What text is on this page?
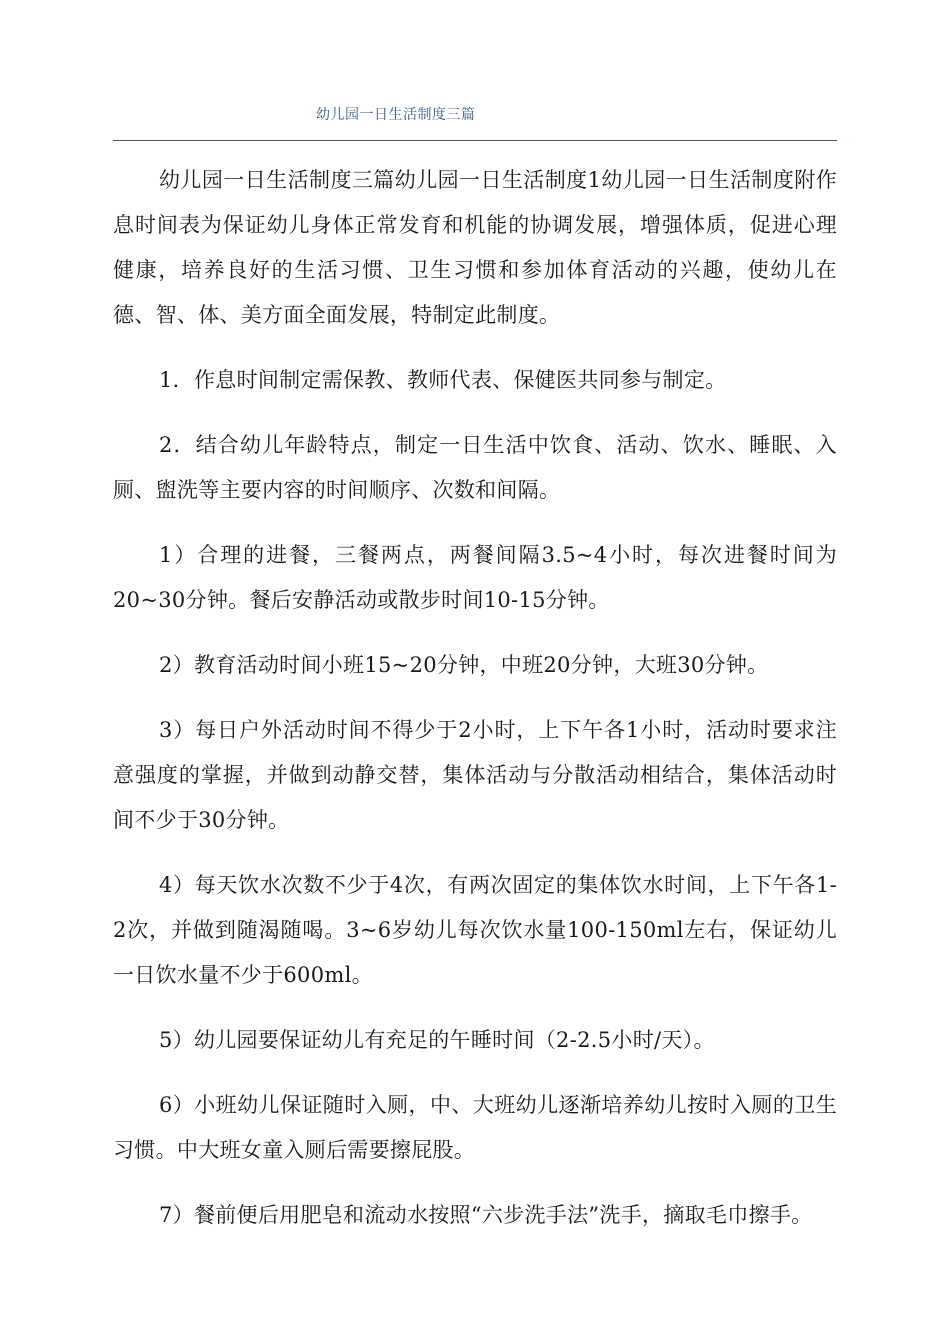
幼儿园一日生活制度三篇

幼儿园一日生活制度三篇幼儿园一日生活制度1幼儿园一日生活制度附作息时间表为保证幼儿身体正常发育和机能的协调发展，增强体质，促进心理健康，培养良好的生活习惯、卫生习惯和参加体育活动的兴趣，使幼儿在德、智、体、美方面全面发展，特制定此制度。

1．作息时间制定需保教、教师代表、保健医共同参与制定。

2．结合幼儿年龄特点，制定一日生活中饮食、活动、饮水、睡眠、入厕、盥洗等主要内容的时间顺序、次数和间隔。

1）合理的进餐，三餐两点，两餐间隔3.5~4小时，每次进餐时间为20~30分钟。餐后安静活动或散步时间10-15分钟。

2）教育活动时间小班15~20分钟，中班20分钟，大班30分钟。

3）每日户外活动时间不得少于2小时，上下午各1小时，活动时要求注意强度的掌握，并做到动静交替，集体活动与分散活动相结合，集体活动时间不少于30分钟。

4）每天饮水次数不少于4次，有两次固定的集体饮水时间，上下午各1-2次，并做到随渴随喝。3~6岁幼儿每次饮水量100-150ml左右，保证幼儿一日饮水量不少于600ml。

5）幼儿园要保证幼儿有充足的午睡时间（2-2.5小时/天）。

6）小班幼儿保证随时入厕，中、大班幼儿逐渐培养幼儿按时入厕的卫生习惯。中大班女童入厕后需要擦屁股。

7）餐前便后用肥皂和流动水按照“六步洗手法”洗手，摘取毛巾擦手。
